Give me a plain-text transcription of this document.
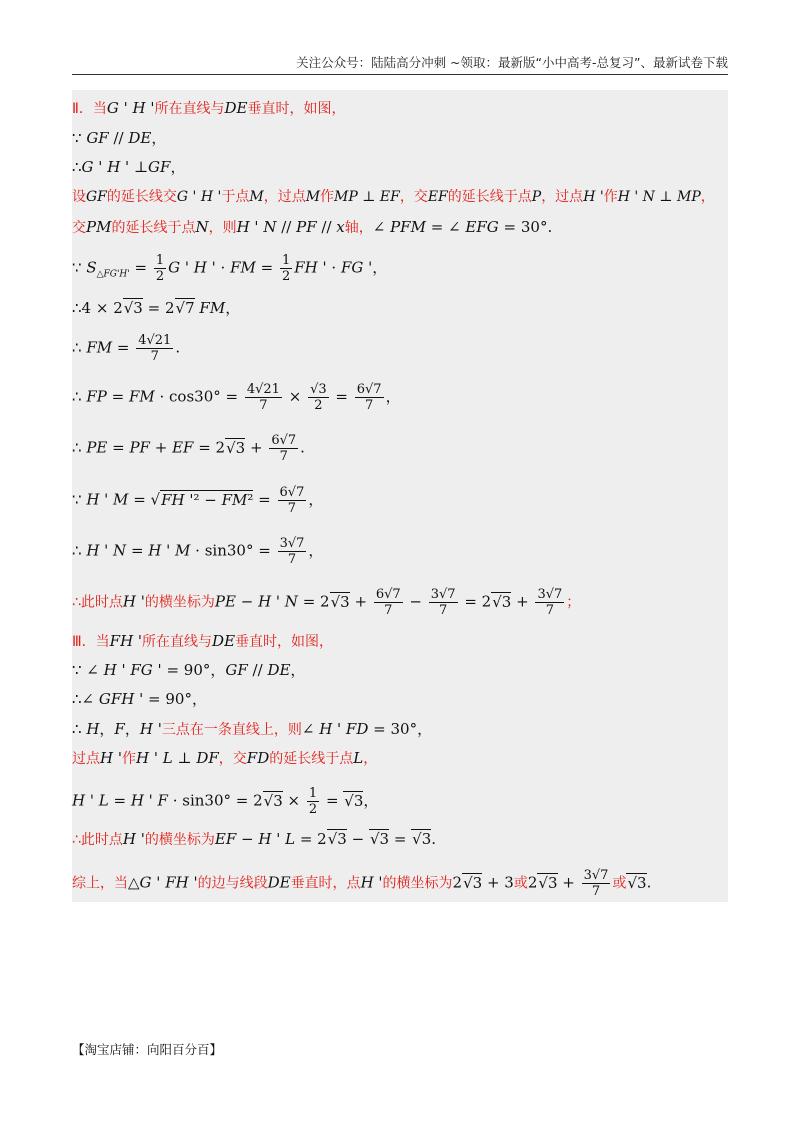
关注公众号：陆陆高分冲刺 ~领取：最新版“小中高考-总复习”、最新试卷下载
Ⅱ．当G ' H '所在直线与DE垂直时，如图，
∵ GF // DE，
∴G ' H ' ⊥GF，
设GF的延长线交G ' H '于点M，过点M作MP ⊥ EF，交EF的延长线于点P，过点H '作H ' N ⊥ MP，
交PM的延长线于点N，则H ' N // PF // x轴，∠ PFM = ∠ EFG = 30°.
∵ $S_{\triangle FG'H'} = \frac{1}{2}$ G ' H ' · FM = $\frac{1}{2}$ FH ' · FG '，
∴4 × 2√3 = 2√7 FM，
∴ FM = $\frac{4√21}{7}$ .
∴ FP = FM · $\cos 30^\circ = \frac{4√21}{7} \times \frac{√3}{2} = \frac{6√7}{7}$ ，
∴ PE = PF + EF = $2√3 + \frac{6√7}{7}$ .
∵ H ' M = √FH '$^2 - FM^2 = \frac{6√7}{7}$ ，
∴ H ' N = H ' $M \cdot \sin 30^\circ = \frac{3√7}{7}$ ，
∴此时点H '的横坐标为PE − H ' $N = 2√3 + \frac{6√7}{7} - \frac{3√7}{7} = 2√3 + \frac{3√7}{7}$ ；
Ⅲ．当FH '所在直线与DE垂直时，如图，
∵ ∠ H ' FG ' = 90°，GF // DE，
∴∠ GFH ' = 90°，
∴ H，F，H '三点在一条直线上，则∠ H ' FD = 30°，
过点H '作H ' L ⊥ DF，交FD的延长线于点L，
H ' L = H ' $F \cdot \sin 30^\circ = 2√3 \times \frac{1}{2} = √3$，
∴此时点H '的横坐标为EF − H ' L = 2√3 − √3 = √3.
综上，当△G ' FH '的边与线段DE垂直时，点H '的横坐标为2√3 + 3或$2√3 + \frac{3√7}{7}$ 或√3.
【淘宝店铺：向阳百分百】
